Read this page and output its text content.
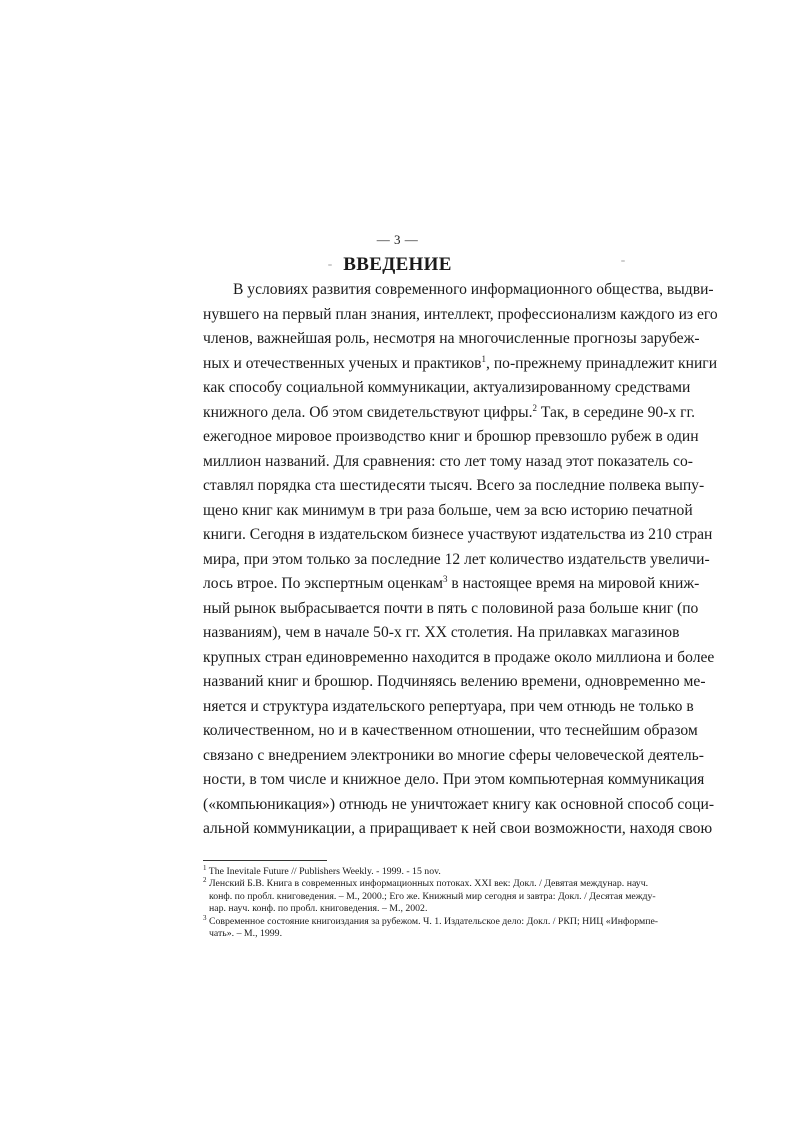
— 3 —
ВВЕДЕНИЕ
В условиях развития современного информационного общества, выдви-
нувшего на первый план знания, интеллект, профессионализм каждого из его
членов, важнейшая роль, несмотря на многочисленные прогнозы зарубеж-
ных и отечественных ученых и практиков$^1$, по-прежнему принадлежит книги
как способу социальной коммуникации, актуализированному средствами
книжного дела. Об этом свидетельствуют цифры.$^2$ Так, в середине 90-х гг.
ежегодное мировое производство книг и брошюр превзошло рубеж в один
миллион названий. Для сравнения: сто лет тому назад этот показатель со-
ставлял порядка ста шестидесяти тысяч. Всего за последние полвека выпу-
щено книг как минимум в три раза больше, чем за всю историю печатной
книги. Сегодня в издательском бизнесе участвуют издательства из 210 стран
мира, при этом только за последние 12 лет количество издательств увеличи-
лось втрое. По экспертным оценкам$^3$ в настоящее время на мировой книж-
ный рынок выбрасывается почти в пять с половиной раза больше книг (по
названиям), чем в начале 50-х гг. XX столетия. На прилавках магазинов
крупных стран единовременно находится в продаже около миллиона и более
названий книг и брошюр. Подчиняясь велению времени, одновременно ме-
няется и структура издательского репертуара, при чем отнюдь не только в
количественном, но и в качественном отношении, что теснейшим образом
связано с внедрением электроники во многие сферы человеческой деятель-
ности, в том числе и книжное дело. При этом компьютерная коммуникация
(«компьюникация») отнюдь не уничтожает книгу как основной способ соци-
альной коммуникации, а приращивает к ней свои возможности, находя свою
$^1$ The Inevitale Future // Publishers Weekly. - 1999. - 15 nov.
$^2$ Ленский Б.В. Книга в современных информационных потоках. XXI век: Докл. / Девятая междунар. науч.
конф. по пробл. книговедения. – М., 2000.; Его же. Книжный мир сегодня и завтра: Докл. / Десятая между-
нар. науч. конф. по пробл. книговедения. – М., 2002.
$^3$ Современное состояние книгоиздания за рубежом. Ч. 1. Издательское дело: Докл. / РКП; НИЦ «Информпе-
чать». – М., 1999.
